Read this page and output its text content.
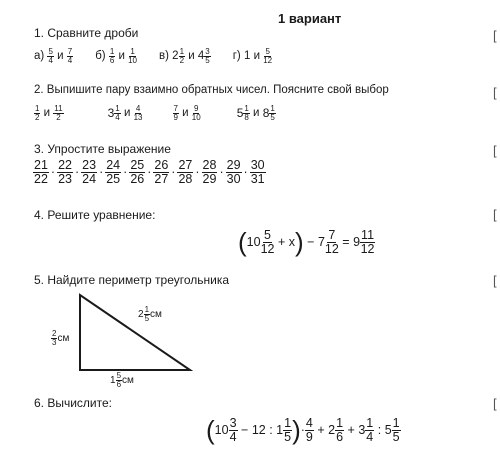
1 вариант
[
[
[
[
[
[
1. Сравните дроби
а)
$\frac{5}{4}$
и
$\frac{7}{4} б$)
$\frac{1}{6}$
и
$\frac{1}{10} в$)
$2 \frac{1}{2}$
и
$4 \frac{3}{5} г$)
1
и
$\frac{5}{12}$
2. Выпишите пару взаимно обратных чисел. Поясните свой выбор
$\frac{1}{2}$
и
$\frac{11}{2}$	$3 \frac{1}{4}$
и
$\frac{4}{13}$	$\frac{7}{9}$
и
$\frac{9}{10}$	$5 \frac{1}{8}$
и
$8 \frac{1}{5}$
3. Упростите выражение
$\frac{21}{22} \cdot \frac{22}{23} \cdot \frac{23}{24} \cdot \frac{24}{25} \cdot \frac{25}{26} \cdot \frac{26}{27} \cdot \frac{27}{28} \cdot \frac{28}{29} \cdot \frac{29}{30} \cdot \frac{30}{31}$
4. Решите уравнение:
( $10 \frac{5}{12}$
+ x )
−
$7 \frac{7}{12}$
=
$9 \frac{11}{12}$
5. Найдите периметр треугольника
$2 \frac{1}{5}$ см
$\frac{2}{3}$ см
$1 \frac{5}{6}$ см
6. Вычислите:
( $10 \frac{3}{4}$
−
12
:
$1 \frac{1}{5}$ ) · $\frac{4}{9}$
+
$2 \frac{1}{6}$
+
$3 \frac{1}{4}$
:
$5 \frac{1}{5}$
